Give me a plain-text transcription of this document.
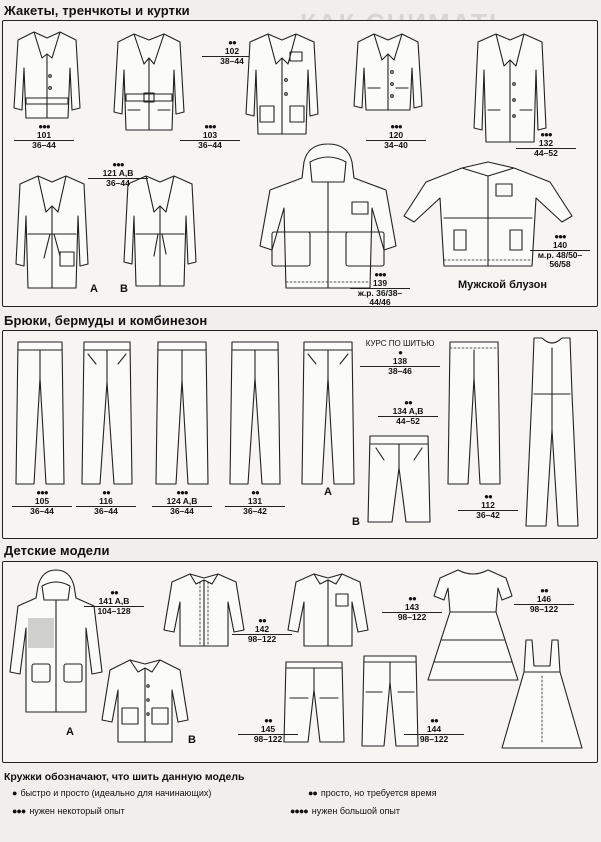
Жакеты, тренчкоты и куртки
●●●
101
36–44
●●
102
38–44
●●●
103
36–44
●●●
120
34–40
●●●
132
44–52
A B
●●●
121 A,B
36–44
●●●
139
ж.р. 36/38–44/46
●●●
140
м.р. 48/50–56/58
Мужской блузон
Брюки, бермуды и комбинезон
●●●
105
36–44
●●
116
36–44
●●●
124 A,B
36–44
●●
131
36–42
A
B
●●
134 A,B
44–52
КУРС ПО ШИТЬЮ
●
138
38–46
●●
112
36–42
Детские модели
A
●●
141 A,B
104–128
B
●●
142
98–122
●●
143
98–122
●●
145
98–122
●●
144
98–122
●●
146
98–122
Кружки обозначают, что шить данную модель
● быстро и просто (идеально для начинающих)	●● просто, но требуется время
●●● нужен некоторый опыт	●●●● нужен большой опыт
